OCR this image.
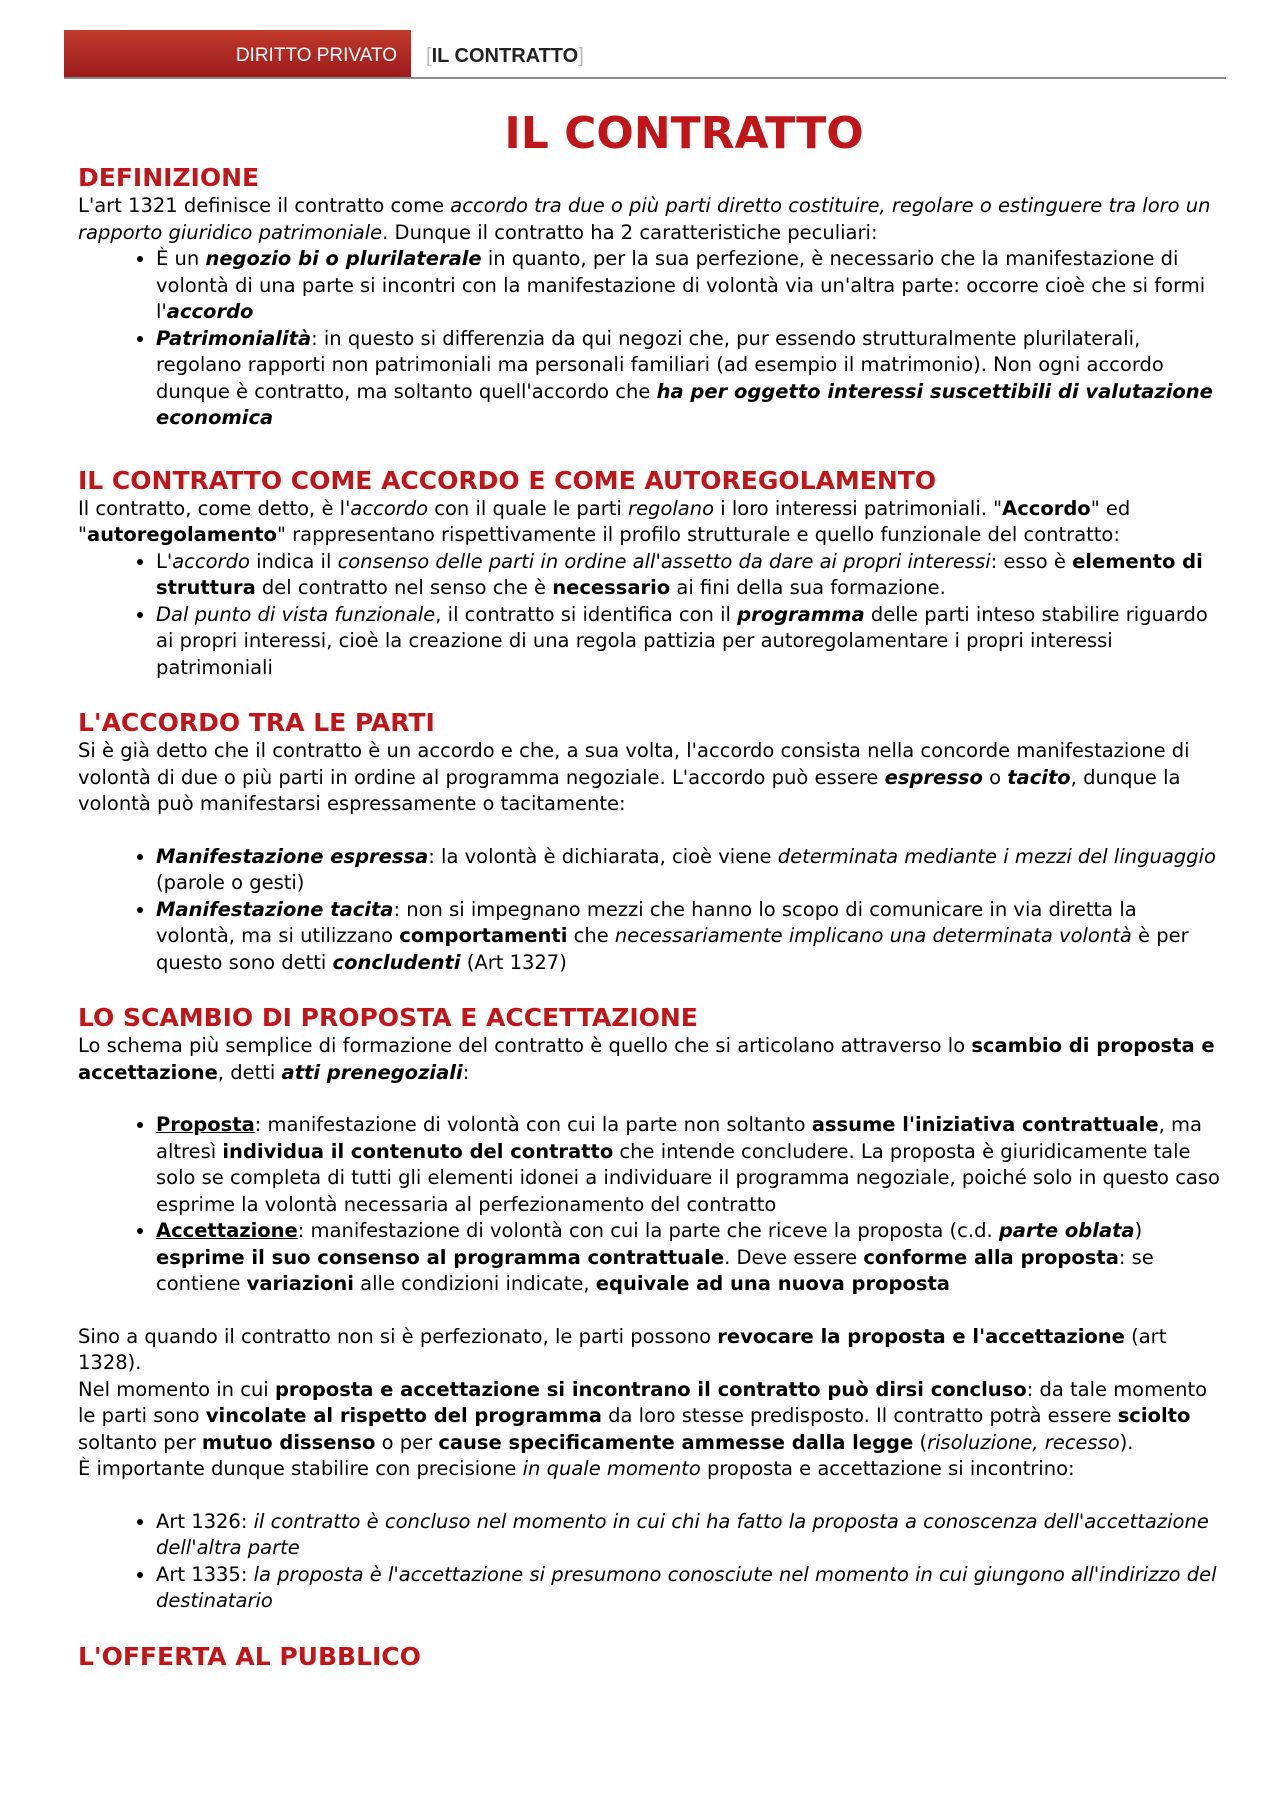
DIRITTO PRIVATO	[IL CONTRATTO]
IL CONTRATTO
DEFINIZIONE

L'art 1321 definisce il contratto come accordo tra due o più parti diretto costituire, regolare o estinguere tra loro un rapporto giuridico patrimoniale. Dunque il contratto ha 2 caratteristiche peculiari:

• È un negozio bi o plurilaterale in quanto, per la sua perfezione, è necessario che la manifestazione di volontà di una parte si incontri con la manifestazione di volontà via un'altra parte: occorre cioè che si formi l'accordo
• Patrimonialità: in questo si differenzia da qui negozi che, pur essendo strutturalmente plurilaterali, regolano rapporti non patrimoniali ma personali familiari (ad esempio il matrimonio). Non ogni accordo dunque è contratto, ma soltanto quell'accordo che ha per oggetto interessi suscettibili di valutazione economica
IL CONTRATTO COME ACCORDO E COME AUTOREGOLAMENTO

Il contratto, come detto, è l'accordo con il quale le parti regolano i loro interessi patrimoniali. "Accordo" ed "autoregolamento" rappresentano rispettivamente il profilo strutturale e quello funzionale del contratto:

• L'accordo indica il consenso delle parti in ordine all'assetto da dare ai propri interessi: esso è elemento di struttura del contratto nel senso che è necessario ai fini della sua formazione.
• Dal punto di vista funzionale, il contratto si identifica con il programma delle parti inteso stabilire riguardo ai propri interessi, cioè la creazione di una regola pattizia per autoregolamentare i propri interessi patrimoniali
L'ACCORDO TRA LE PARTI

Si è già detto che il contratto è un accordo e che, a sua volta, l'accordo consista nella concorde manifestazione di volontà di due o più parti in ordine al programma negoziale. L'accordo può essere espresso o tacito, dunque la volontà può manifestarsi espressamente o tacitamente:

• Manifestazione espressa: la volontà è dichiarata, cioè viene determinata mediante i mezzi del linguaggio (parole o gesti)
• Manifestazione tacita: non si impegnano mezzi che hanno lo scopo di comunicare in via diretta la volontà, ma si utilizzano comportamenti che necessariamente implicano una determinata volontà è per questo sono detti concludenti (Art 1327)
LO SCAMBIO DI PROPOSTA E ACCETTAZIONE

Lo schema più semplice di formazione del contratto è quello che si articolano attraverso lo scambio di proposta e accettazione, detti atti prenegoziali:

• Proposta: manifestazione di volontà con cui la parte non soltanto assume l'iniziativa contrattuale, ma altresì individua il contenuto del contratto che intende concludere. La proposta è giuridicamente tale solo se completa di tutti gli elementi idonei a individuare il programma negoziale, poiché solo in questo caso esprime la volontà necessaria al perfezionamento del contratto
• Accettazione: manifestazione di volontà con cui la parte che riceve la proposta (c.d. parte oblata) esprime il suo consenso al programma contrattuale. Deve essere conforme alla proposta: se contiene variazioni alle condizioni indicate, equivale ad una nuova proposta

Sino a quando il contratto non si è perfezionato, le parti possono revocare la proposta e l'accettazione (art 1328).

Nel momento in cui proposta e accettazione si incontrano il contratto può dirsi concluso: da tale momento le parti sono vincolate al rispetto del programma da loro stesse predisposto. Il contratto potrà essere sciolto soltanto per mutuo dissenso o per cause specificamente ammesse dalla legge (risoluzione, recesso).

È importante dunque stabilire con precisione in quale momento proposta e accettazione si incontrino:

• Art 1326: il contratto è concluso nel momento in cui chi ha fatto la proposta a conoscenza dell'accettazione dell'altra parte
• Art 1335: la proposta è l'accettazione si presumono conosciute nel momento in cui giungono all'indirizzo del destinatario
L'OFFERTA AL PUBBLICO
